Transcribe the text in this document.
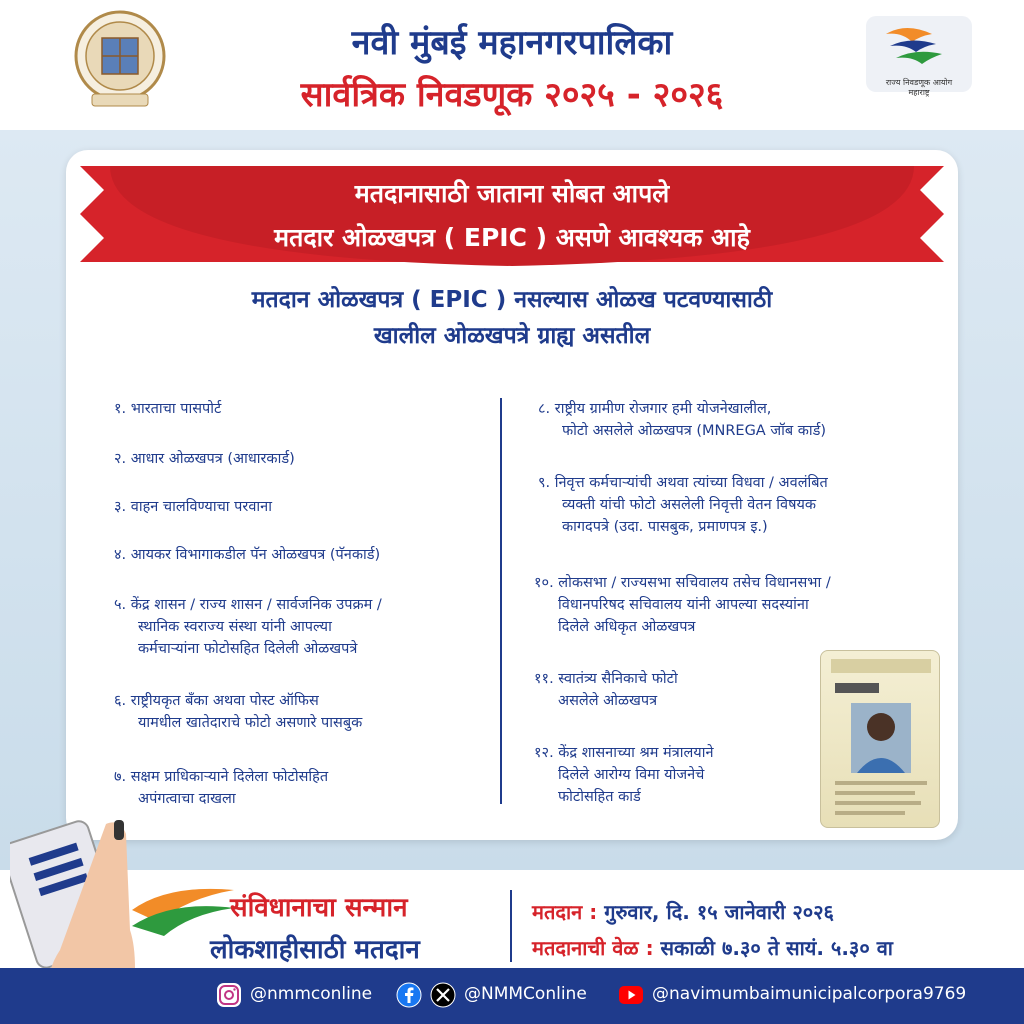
राज्य निवडणूक आयोग
महाराष्ट्र
नवी मुंबई महानगरपालिका
सार्वत्रिक निवडणूक २०२५ - २०२६
मतदानासाठी जाताना सोबत आपले
मतदार ओळखपत्र ( EPIC ) असणे आवश्यक आहे
मतदान ओळखपत्र ( EPIC ) नसल्यास ओळख पटवण्यासाठी
खालील ओळखपत्रे ग्राह्य असतील
१. भारताचा पासपोर्ट
२. आधार ओळखपत्र (आधारकार्ड)
३. वाहन चालविण्याचा परवाना
४. आयकर विभागाकडील पॅन ओळखपत्र (पॅनकार्ड)
५. केंद्र शासन / राज्य शासन / सार्वजनिक उपक्रम /
स्थानिक स्वराज्य संस्था यांनी आपल्या
कर्मचाऱ्यांना फोटोसहित दिलेली ओळखपत्रे
६. राष्ट्रीयकृत बँका अथवा पोस्ट ऑफिस
यामधील खातेदाराचे फोटो असणारे पासबुक
७. सक्षम प्राधिकाऱ्याने दिलेला फोटोसहित
अपंगत्वाचा दाखला
८. राष्ट्रीय ग्रामीण रोजगार हमी योजनेखालील,
फोटो असलेले ओळखपत्र (MNREGA जॉब कार्ड)
९. निवृत्त कर्मचाऱ्यांची अथवा त्यांच्या विधवा / अवलंबित
व्यक्ती यांची फोटो असलेली निवृत्ती वेतन विषयक
कागदपत्रे (उदा. पासबुक, प्रमाणपत्र इ.)
१०. लोकसभा / राज्यसभा सचिवालय तसेच विधानसभा /
विधानपरिषद सचिवालय यांनी आपल्या सदस्यांना
दिलेले अधिकृत ओळखपत्र
११. स्वातंत्र्य सैनिकाचे फोटो
असलेले ओळखपत्र
१२. केंद्र शासनाच्या श्रम मंत्रालयाने
दिलेले आरोग्य विमा योजनेचे
फोटोसहित कार्ड
संविधानाचा सन्मान
लोकशाहीसाठी मतदान
मतदान : गुरुवार, दि. १५ जानेवारी २०२६
मतदानाची वेळ : सकाळी ७.३० ते सायं. ५.३० वा
@nmmconline	@NMMConline	@navimumbaimunicipalcorpora9769
